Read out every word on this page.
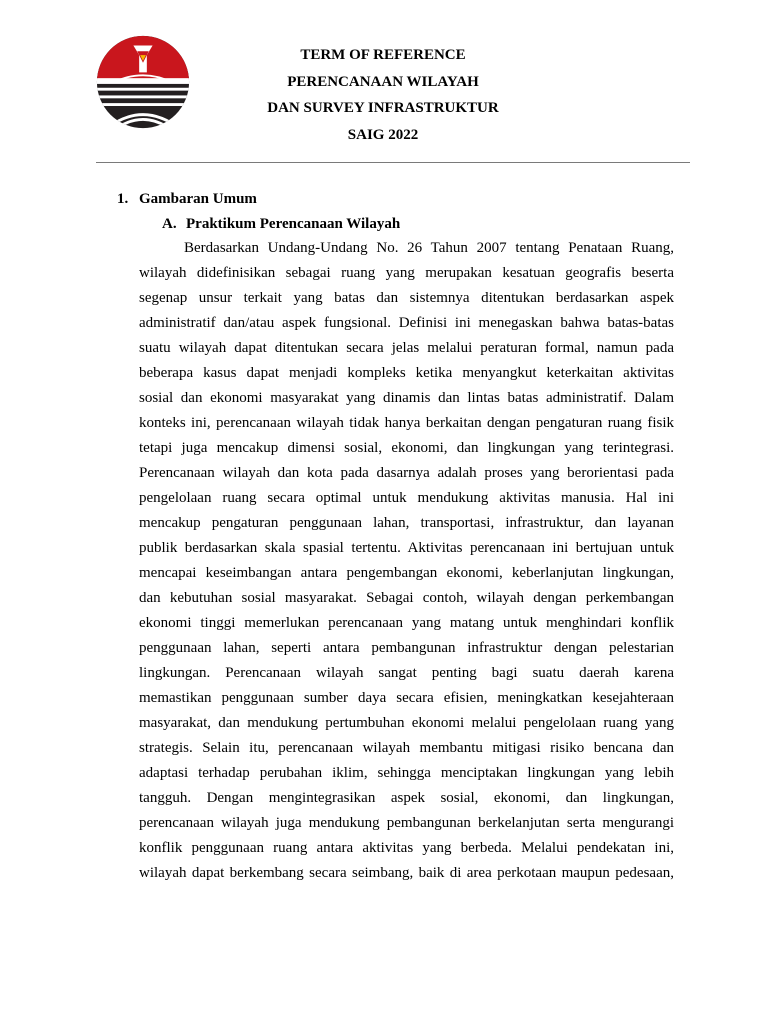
TERM OF REFERENCE
PERENCANAAN WILAYAH
DAN SURVEY INFRASTRUKTUR
SAIG 2022
1. Gambaran Umum
A. Praktikum Perencanaan Wilayah
Berdasarkan Undang-Undang No. 26 Tahun 2007 tentang Penataan Ruang,
wilayah didefinisikan sebagai ruang yang merupakan kesatuan geografis beserta
segenap unsur terkait yang batas dan sistemnya ditentukan berdasarkan aspek
administratif dan/atau aspek fungsional. Definisi ini menegaskan bahwa batas-batas
suatu wilayah dapat ditentukan secara jelas melalui peraturan formal, namun pada
beberapa kasus dapat menjadi kompleks ketika menyangkut keterkaitan aktivitas
sosial dan ekonomi masyarakat yang dinamis dan lintas batas administratif. Dalam
konteks ini, perencanaan wilayah tidak hanya berkaitan dengan pengaturan ruang fisik
tetapi juga mencakup dimensi sosial, ekonomi, dan lingkungan yang terintegrasi.
Perencanaan wilayah dan kota pada dasarnya adalah proses yang berorientasi pada
pengelolaan ruang secara optimal untuk mendukung aktivitas manusia. Hal ini
mencakup pengaturan penggunaan lahan, transportasi, infrastruktur, dan layanan
publik berdasarkan skala spasial tertentu. Aktivitas perencanaan ini bertujuan untuk
mencapai keseimbangan antara pengembangan ekonomi, keberlanjutan lingkungan,
dan kebutuhan sosial masyarakat. Sebagai contoh, wilayah dengan perkembangan
ekonomi tinggi memerlukan perencanaan yang matang untuk menghindari konflik
penggunaan lahan, seperti antara pembangunan infrastruktur dengan pelestarian
lingkungan. Perencanaan wilayah sangat penting bagi suatu daerah karena
memastikan penggunaan sumber daya secara efisien, meningkatkan kesejahteraan
masyarakat, dan mendukung pertumbuhan ekonomi melalui pengelolaan ruang yang
strategis. Selain itu, perencanaan wilayah membantu mitigasi risiko bencana dan
adaptasi terhadap perubahan iklim, sehingga menciptakan lingkungan yang lebih
tangguh. Dengan mengintegrasikan aspek sosial, ekonomi, dan lingkungan,
perencanaan wilayah juga mendukung pembangunan berkelanjutan serta mengurangi
konflik penggunaan ruang antara aktivitas yang berbeda. Melalui pendekatan ini,
wilayah dapat berkembang secara seimbang, baik di area perkotaan maupun pedesaan,
